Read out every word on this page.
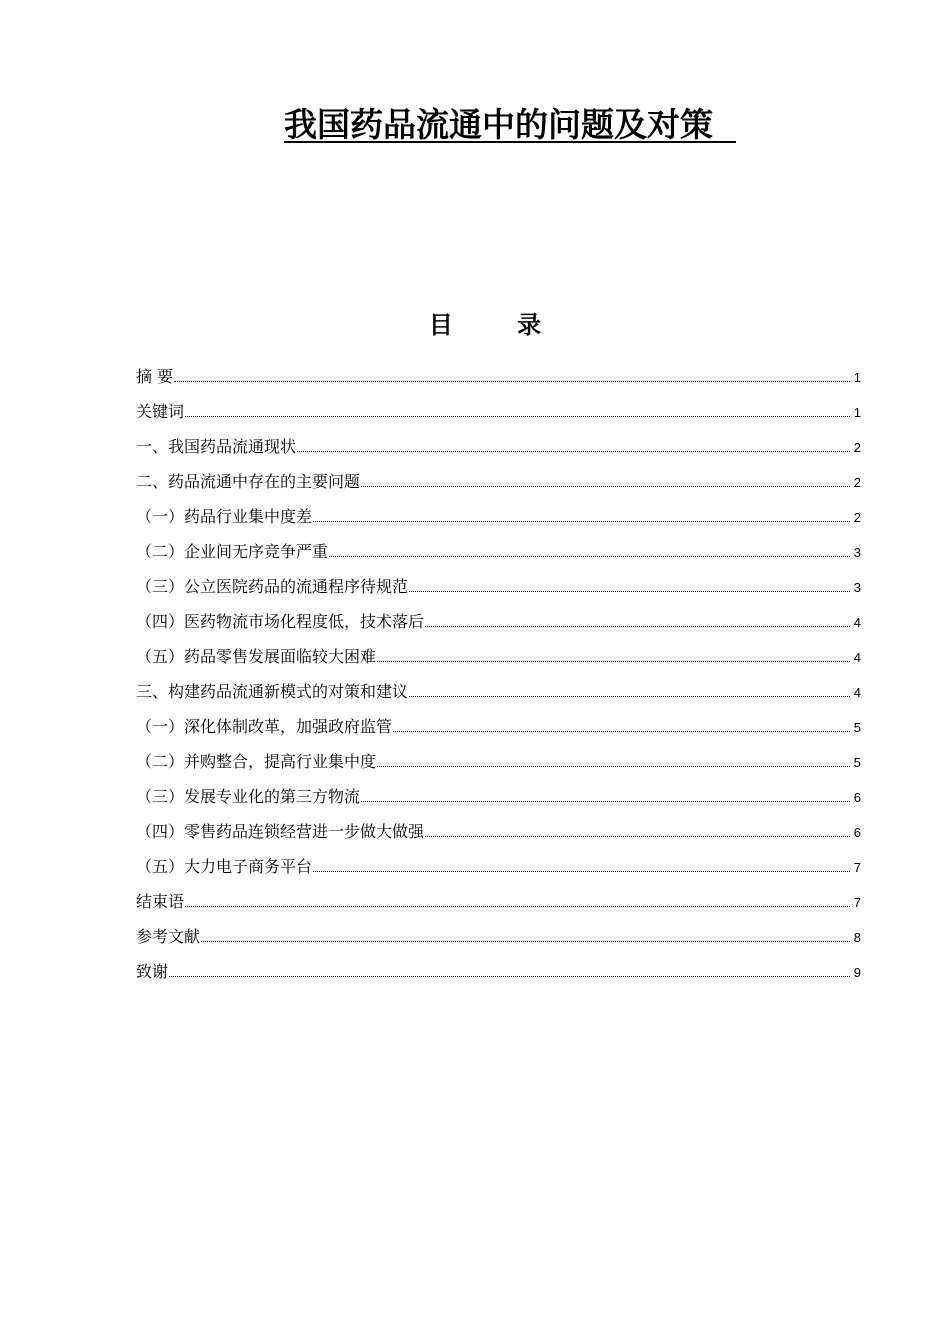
我国药品流通中的问题及对策
目 录
摘 要	1
关键词	1
一、我国药品流通现状	2
二、药品流通中存在的主要问题	2
（一）药品行业集中度差	2
（二）企业间无序竞争严重	3
（三）公立医院药品的流通程序待规范	3
（四）医药物流市场化程度低，技术落后	4
（五）药品零售发展面临较大困难	4
三、构建药品流通新模式的对策和建议	4
（一）深化体制改革，加强政府监管	5
（二）并购整合，提高行业集中度	5
（三）发展专业化的第三方物流	6
（四）零售药品连锁经营进一步做大做强	6
（五）大力电子商务平台	7
结束语	7
参考文献	8
致谢	9
